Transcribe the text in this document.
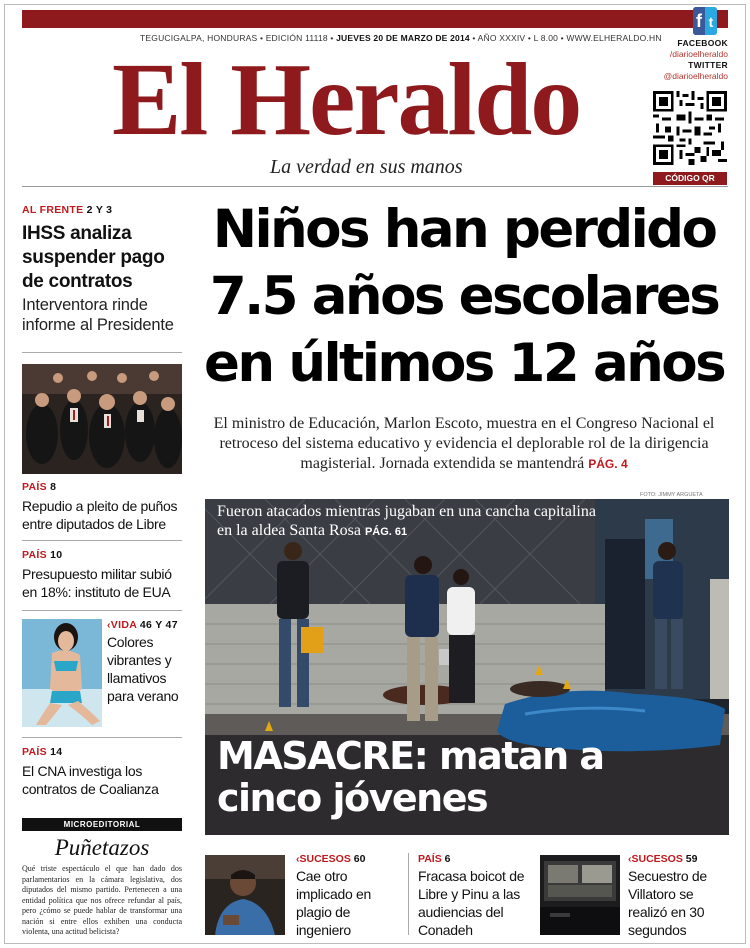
f t
TEGUCIGALPA, HONDURAS • EDICIÓN 11118 • JUEVES 20 DE MARZO DE 2014 • AÑO XXXIV • L 8.00 • WWW.ELHERALDO.HN	FACEBOOK
/diarioelheraldo
TWITTER
@diarioelheraldo
El Heraldo
La verdad en sus manos	CÓDIGO QR
AL FRENTE 2 Y 3
IHSS analiza suspender pago de contratos
Interventora rinde informe al Presidente
PAÍS 8
Repudio a pleito de puños entre diputados de Libre
PAÍS 10
Presupuesto militar subió en 18%: instituto de EUA
‹VIDA 46 Y 47
Colores vibrantes y llamativos para verano
PAÍS 14
El CNA investiga los contratos de Coalianza
MICROEDITORIAL
Puñetazos
Qué triste espectáculo el que han dado dos parlamentarios en la cámara legislativa, dos diputados del mismo partido. Pertenecen a una entidad política que nos ofrece refundar al país, pero ¿cómo se puede hablar de transformar una nación si entre ellos exhiben una conducta violenta, una actitud belicista?
Niños han perdido 7.5 años escolares en últimos 12 años
El ministro de Educación, Marlon Escoto, muestra en el Congreso Nacional el retroceso del sistema educativo y evidencia el deplorable rol de la dirigencia magisterial. Jornada extendida se mantendrá PÁG. 4
FOTO: JIMMY ARGUETA
Fueron atacados mientras jugaban en una cancha capitalina en la aldea Santa Rosa PÁG. 61
MASACRE: matan a cinco jóvenes
‹SUCESOS 60
Cae otro implicado en plagio de ingeniero
PAÍS 6
Fracasa boicot de Libre y Pinu a las audiencias del Conadeh
‹SUCESOS 59
Secuestro de Villatoro se realizó en 30 segundos
